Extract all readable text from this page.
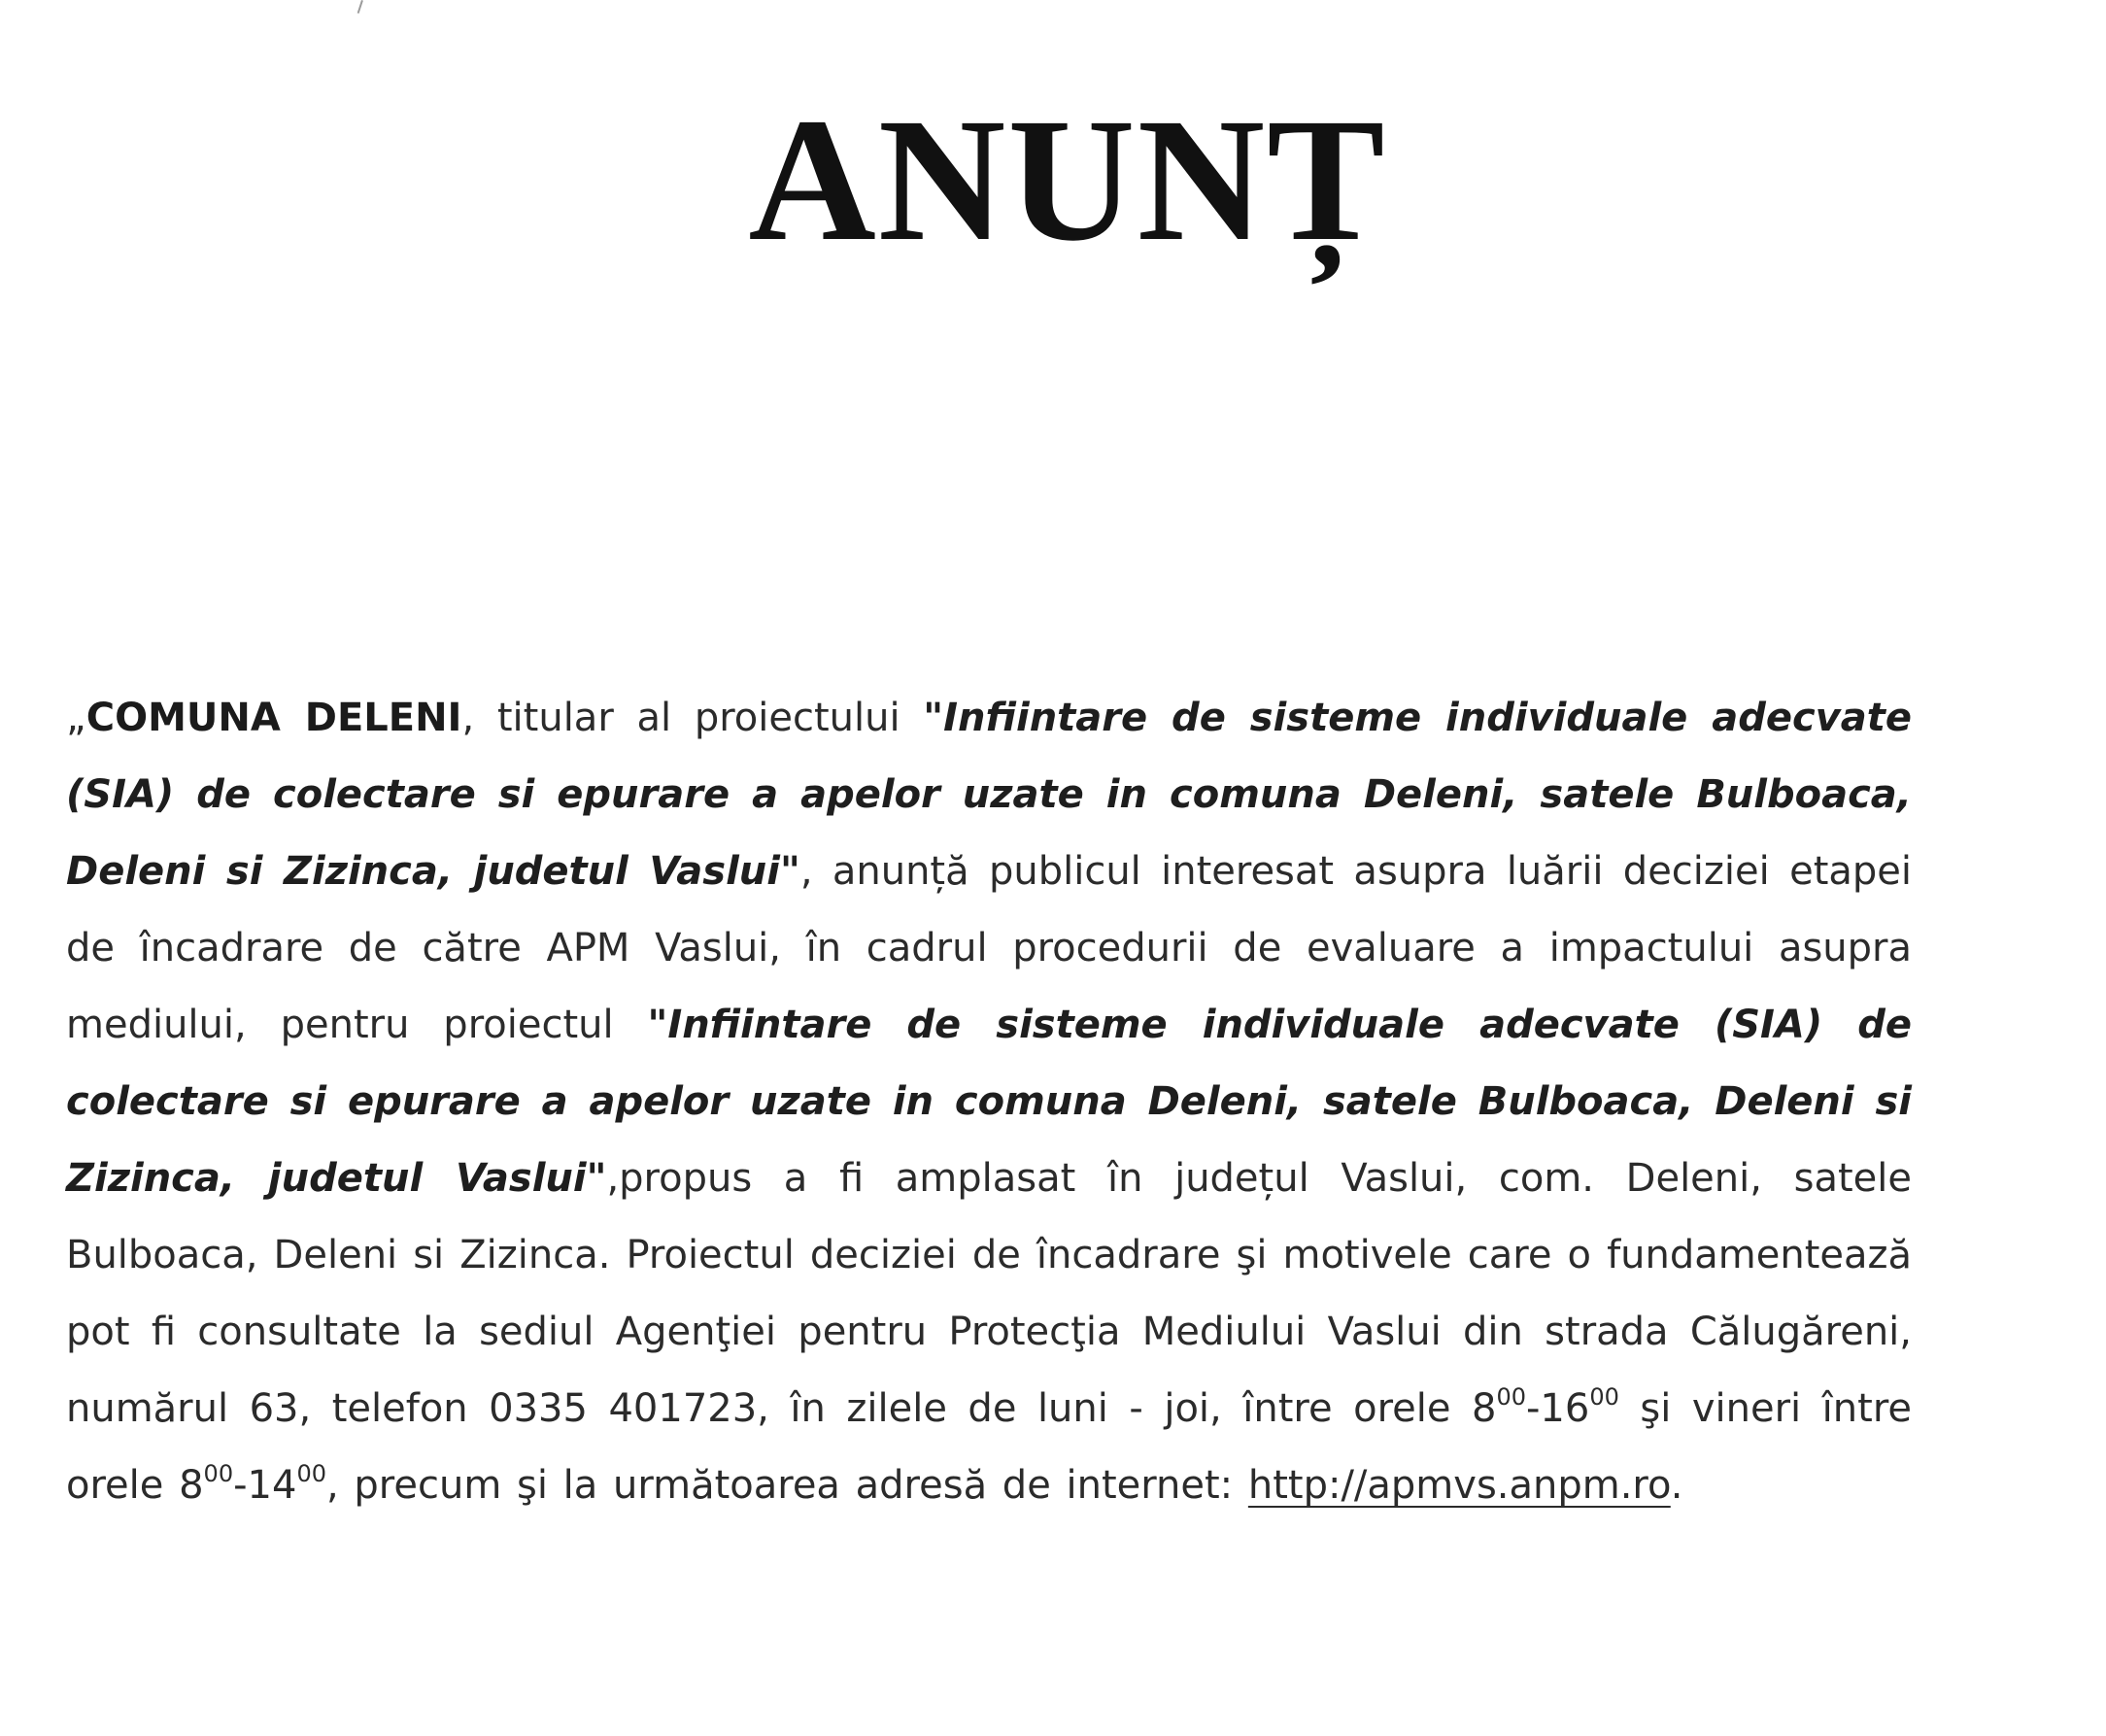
ANUNȚ
„COMUNA DELENI, titular al proiectului "Infiintare de sisteme individuale adecvate (SIA) de colectare si epurare a apelor uzate in comuna Deleni, satele Bulboaca, Deleni si Zizinca, judetul Vaslui", anunță publicul interesat asupra luării deciziei etapei de încadrare de către APM Vaslui, în cadrul procedurii de evaluare a impactului asupra mediului, pentru proiectul "Infiintare de sisteme individuale adecvate (SIA) de colectare si epurare a apelor uzate in comuna Deleni, satele Bulboaca, Deleni si Zizinca, judetul Vaslui",propus a fi amplasat în județul Vaslui, com. Deleni, satele Bulboaca, Deleni si Zizinca. Proiectul deciziei de încadrare şi motivele care o fundamentează pot fi consultate la sediul Agenţiei pentru Protecţia Mediului Vaslui din strada Călugăreni, numărul 63, telefon 0335 401723, în zilele de luni - joi, între orele $8^{00}-16^{00}$ şi vineri între orele $8^{00}-14^{00}$, precum şi la următoarea adresă de internet: http://apmvs.anpm.ro.
